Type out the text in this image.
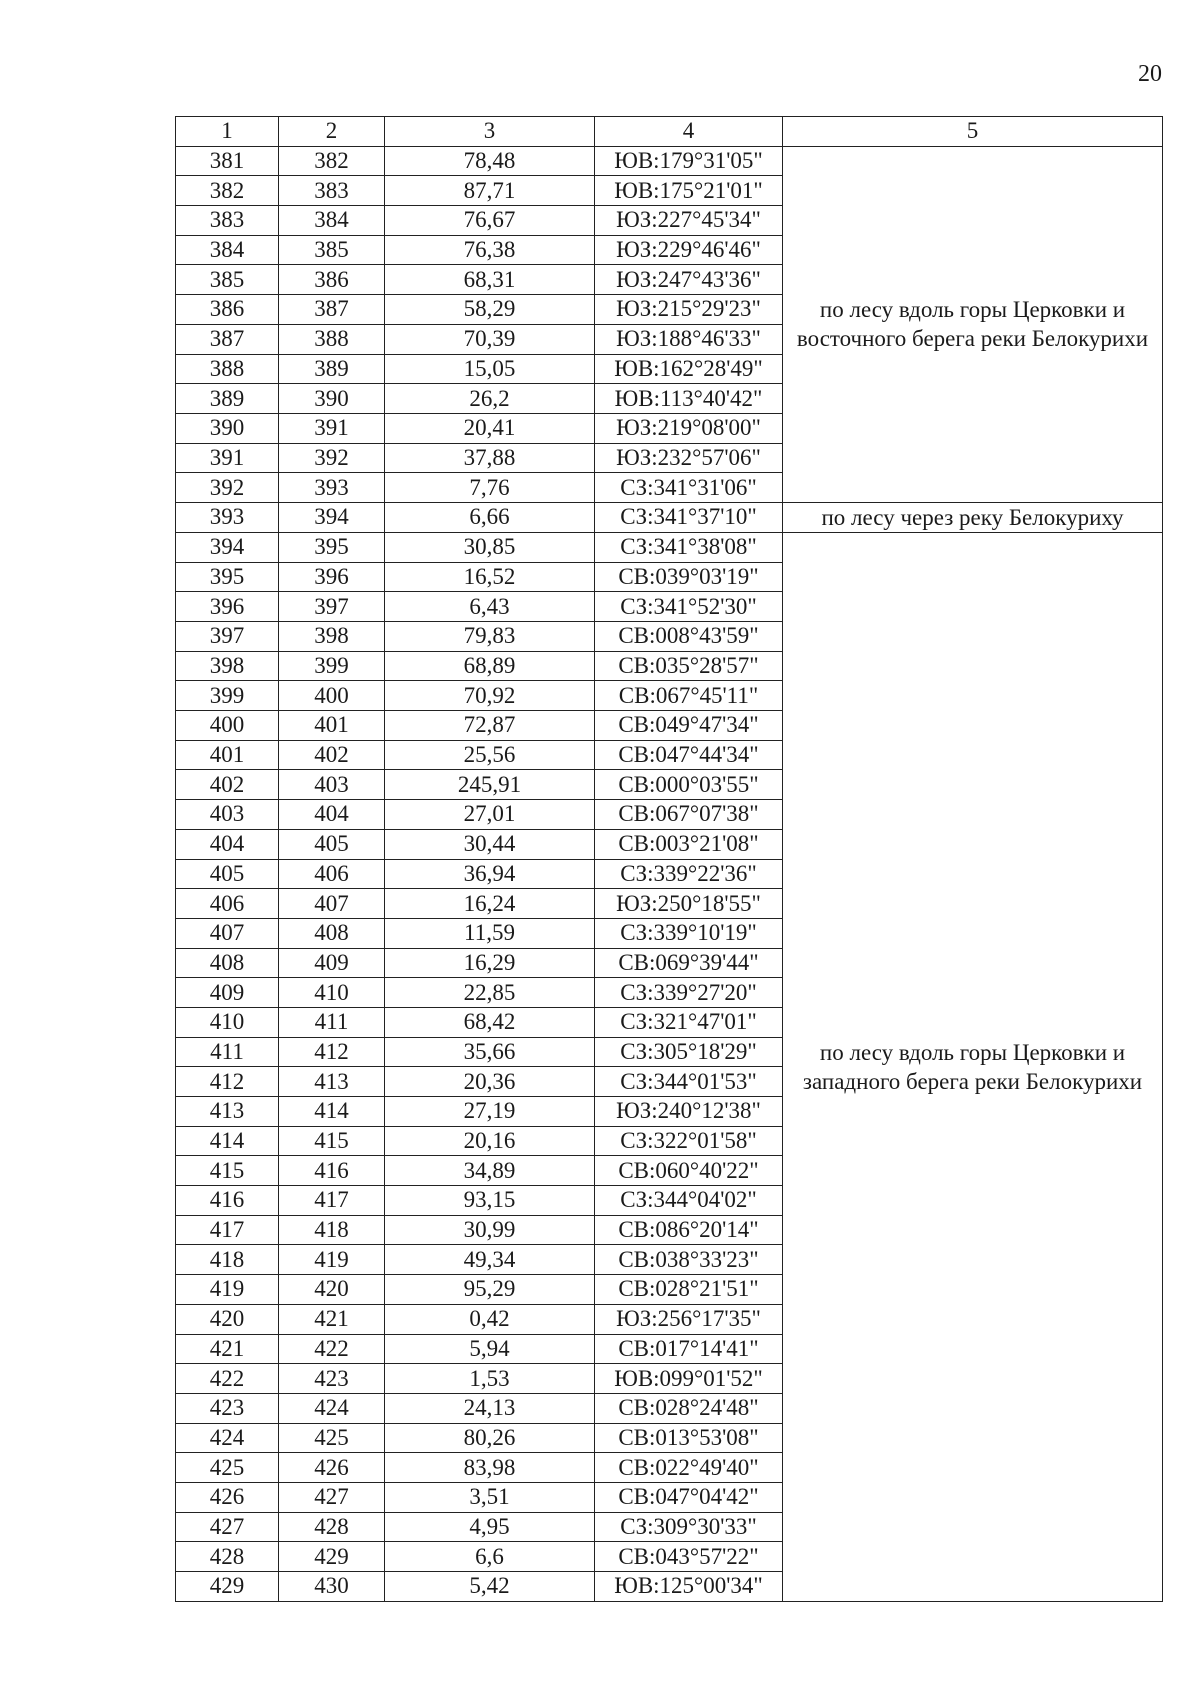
20
1	2	3	4	5
381	382	78,48	ЮВ:179°31'05"	по лесу вдоль горы Церковки и восточного берега реки Белокурихи
382	383	87,71	ЮВ:175°21'01"	
383	384	76,67	ЮЗ:227°45'34"	
384	385	76,38	ЮЗ:229°46'46"	
385	386	68,31	ЮЗ:247°43'36"	
386	387	58,29	ЮЗ:215°29'23"	
387	388	70,39	ЮЗ:188°46'33"	
388	389	15,05	ЮВ:162°28'49"	
389	390	26,2	ЮВ:113°40'42"	
390	391	20,41	ЮЗ:219°08'00"	
391	392	37,88	ЮЗ:232°57'06"	
392	393	7,76	СЗ:341°31'06"	
393	394	6,66	СЗ:341°37'10"	по лесу через реку Белокуриху
394	395	30,85	СЗ:341°38'08"	по лесу вдоль горы Церковки и западного берега реки Белокурихи
395	396	16,52	СВ:039°03'19"	
396	397	6,43	СЗ:341°52'30"	
397	398	79,83	СВ:008°43'59"	
398	399	68,89	СВ:035°28'57"	
399	400	70,92	СВ:067°45'11"	
400	401	72,87	СВ:049°47'34"	
401	402	25,56	СВ:047°44'34"	
402	403	245,91	СВ:000°03'55"	
403	404	27,01	СВ:067°07'38"	
404	405	30,44	СВ:003°21'08"	
405	406	36,94	СЗ:339°22'36"	
406	407	16,24	ЮЗ:250°18'55"	
407	408	11,59	СЗ:339°10'19"	
408	409	16,29	СВ:069°39'44"	
409	410	22,85	СЗ:339°27'20"	
410	411	68,42	СЗ:321°47'01"	
411	412	35,66	СЗ:305°18'29"	
412	413	20,36	СЗ:344°01'53"	
413	414	27,19	ЮЗ:240°12'38"	
414	415	20,16	СЗ:322°01'58"	
415	416	34,89	СВ:060°40'22"	
416	417	93,15	СЗ:344°04'02"	
417	418	30,99	СВ:086°20'14"	
418	419	49,34	СВ:038°33'23"	
419	420	95,29	СВ:028°21'51"	
420	421	0,42	ЮЗ:256°17'35"	
421	422	5,94	СВ:017°14'41"	
422	423	1,53	ЮВ:099°01'52"	
423	424	24,13	СВ:028°24'48"	
424	425	80,26	СВ:013°53'08"	
425	426	83,98	СВ:022°49'40"	
426	427	3,51	СВ:047°04'42"	
427	428	4,95	СЗ:309°30'33"	
428	429	6,6	СВ:043°57'22"	
429	430	5,42	ЮВ:125°00'34"	
